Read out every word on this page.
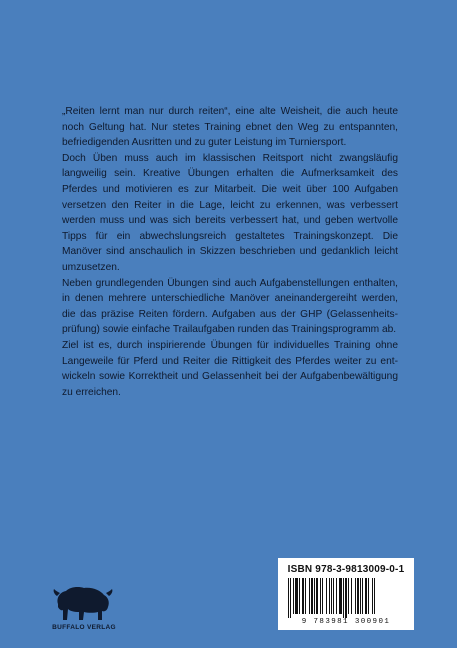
„Reiten lernt man nur durch reiten“, eine alte Weisheit, die auch heute noch Geltung hat. Nur stetes Training ebnet den Weg zu entspannten, befriedigenden Ausritten und zu guter Leistung im Turniersport.

Doch Üben muss auch im klassischen Reitsport nicht zwangsläufig langweilig sein. Kreative Übungen erhalten die Aufmerksamkeit des Pferdes und motivieren es zur Mitarbeit. Die weit über 100 Aufgaben versetzen den Reiter in die Lage, leicht zu erkennen, was verbessert werden muss und was sich bereits verbessert hat, und geben wertvolle Tipps für ein abwechslungsreich gestaltetes Trainingskonzept. Die Manöver sind anschaulich in Skizzen beschrieben und gedanklich leicht umzusetzen.

Neben grundlegenden Übungen sind auch Aufgabenstellungen enthalten, in denen mehrere unterschiedliche Manöver aneinandergereiht werden, die das präzise Reiten fördern. Aufgaben aus der GHP (Gelassenheitsprüfung) sowie einfache Trailaufgaben runden das Trainingsprogramm ab.

Ziel ist es, durch inspirierende Übungen für individuelles Training ohne Langeweile für Pferd und Reiter die Rittigkeit des Pferdes weiter zu entwickeln sowie Korrektheit und Gelassenheit bei der Aufgabenbewältigung zu erreichen.

BUFFALO VERLAG
ISBN 978-3-9813009-0-1
9 783981 300901
